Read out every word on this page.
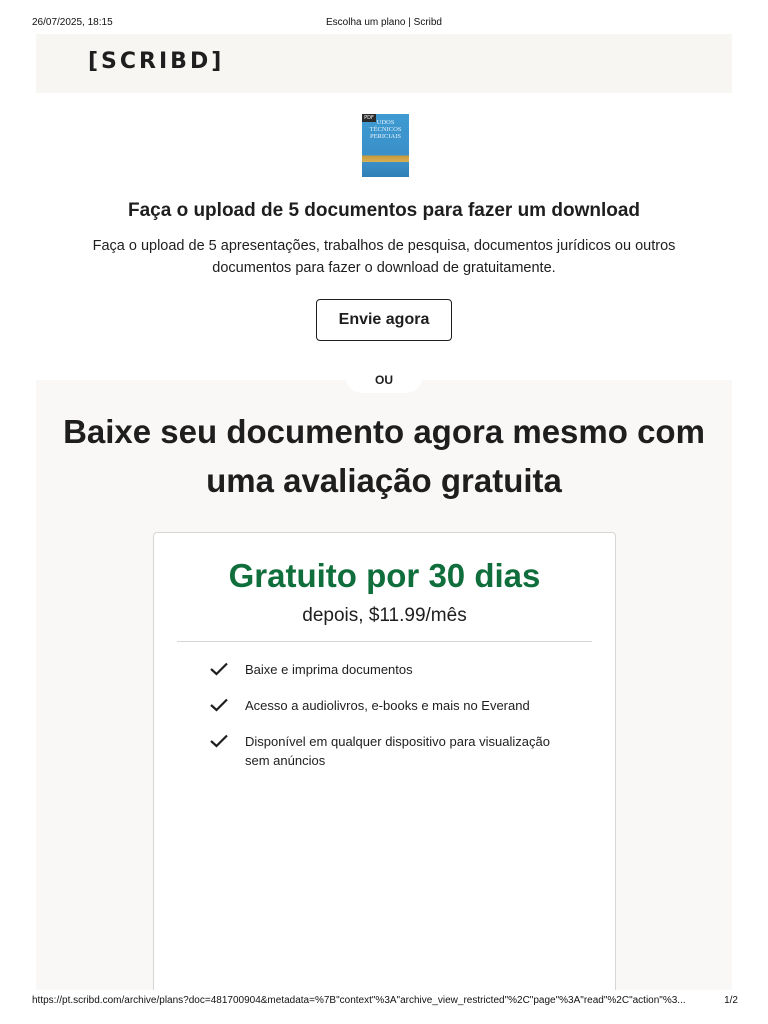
26/07/2025, 18:15	Escolha um plano | Scribd
[SCRIBD]
PDF
UDOS TÉCNICOS PERICIAIS
Faça o upload de 5 documentos para fazer um download
Faça o upload de 5 apresentações, trabalhos de pesquisa, documentos jurídicos ou outros documentos para fazer o download de gratuitamente.
Envie agora
OU
Baixe seu documento agora mesmo com uma avaliação gratuita
Gratuito por 30 dias
depois, $11.99/mês
Baixe e imprima documentos
Acesso a audiolivros, e-books e mais no Everand
Disponível em qualquer dispositivo para visualização sem anúncios
https://pt.scribd.com/archive/plans?doc=481700904&metadata=%7B"context"%3A"archive_view_restricted"%2C"page"%3A"read"%2C"action"%3...	1/2
